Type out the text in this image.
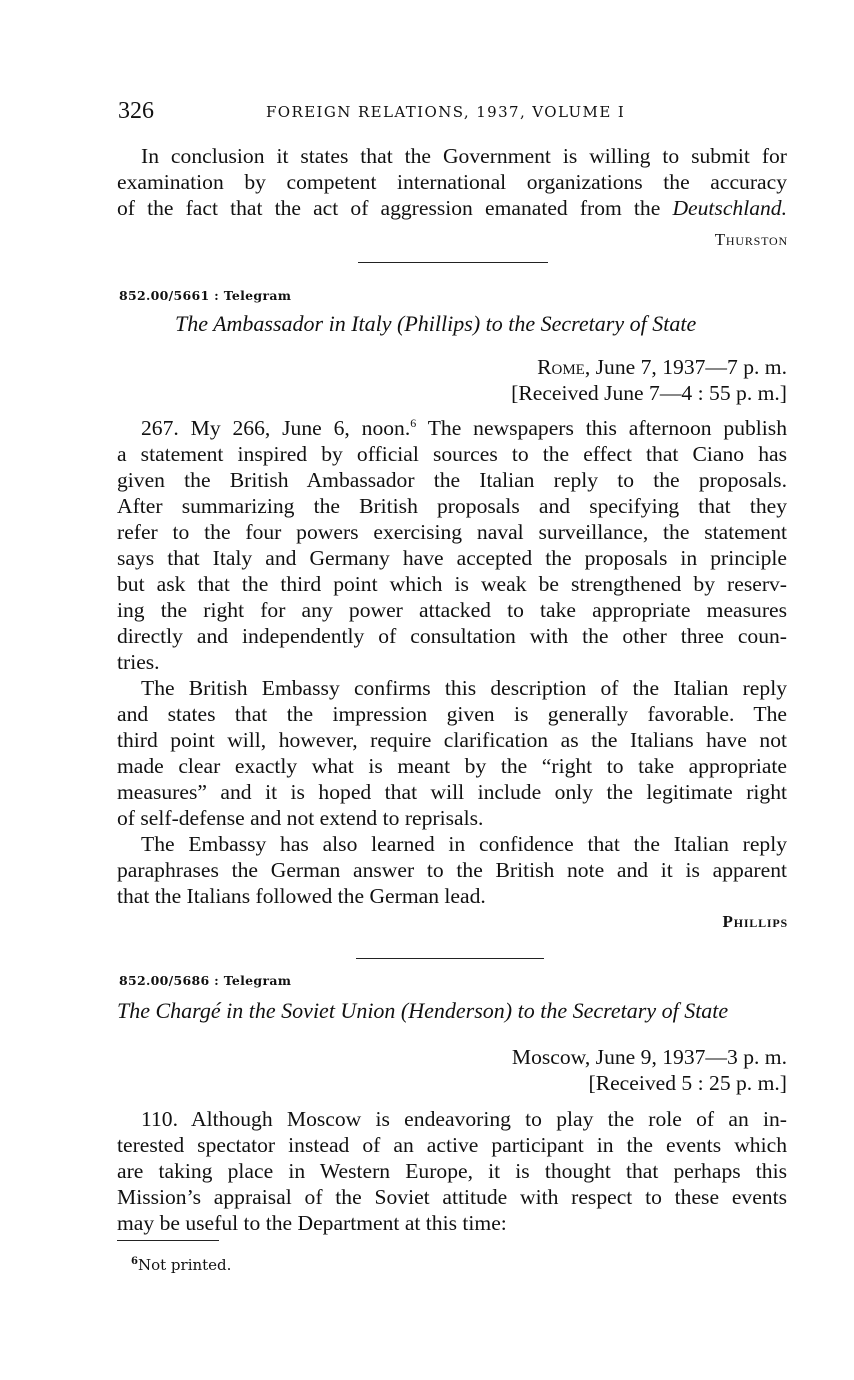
326	FOREIGN RELATIONS, 1937, VOLUME I

In conclusion it states that the Government is willing to submit for

examination by competent international organizations the accuracy

of the fact that the act of aggression emanated from the Deutschland.

Thurston
852.00/5661 : Telegram
The Ambassador in Italy (Phillips) to the Secretary of State
Rome, June 7, 1937—7 p. m.
[Received June 7—4 : 55 p. m.]

267. My 266, June 6, noon.$^6$ The newspapers this afternoon publish

a statement inspired by official sources to the effect that Ciano has

given the British Ambassador the Italian reply to the proposals.

After summarizing the British proposals and specifying that they

refer to the four powers exercising naval surveillance, the statement

says that Italy and Germany have accepted the proposals in principle

but ask that the third point which is weak be strengthened by reserv-

ing the right for any power attacked to take appropriate measures

directly and independently of consultation with the other three coun-

tries.

The British Embassy confirms this description of the Italian reply

and states that the impression given is generally favorable. The

third point will, however, require clarification as the Italians have not

made clear exactly what is meant by the “right to take appropriate

measures” and it is hoped that will include only the legitimate right

of self-defense and not extend to reprisals.

The Embassy has also learned in confidence that the Italian reply

paraphrases the German answer to the British note and it is apparent

that the Italians followed the German lead.

Phillips
852.00/5686 : Telegram
The Chargé in the Soviet Union (Henderson) to the Secretary of State
Moscow, June 9, 1937—3 p. m.
[Received 5 : 25 p. m.]

110. Although Moscow is endeavoring to play the role of an in-

terested spectator instead of an active participant in the events which

are taking place in Western Europe, it is thought that perhaps this

Mission’s appraisal of the Soviet attitude with respect to these events

may be useful to the Department at this time:

$^6$Not printed.
